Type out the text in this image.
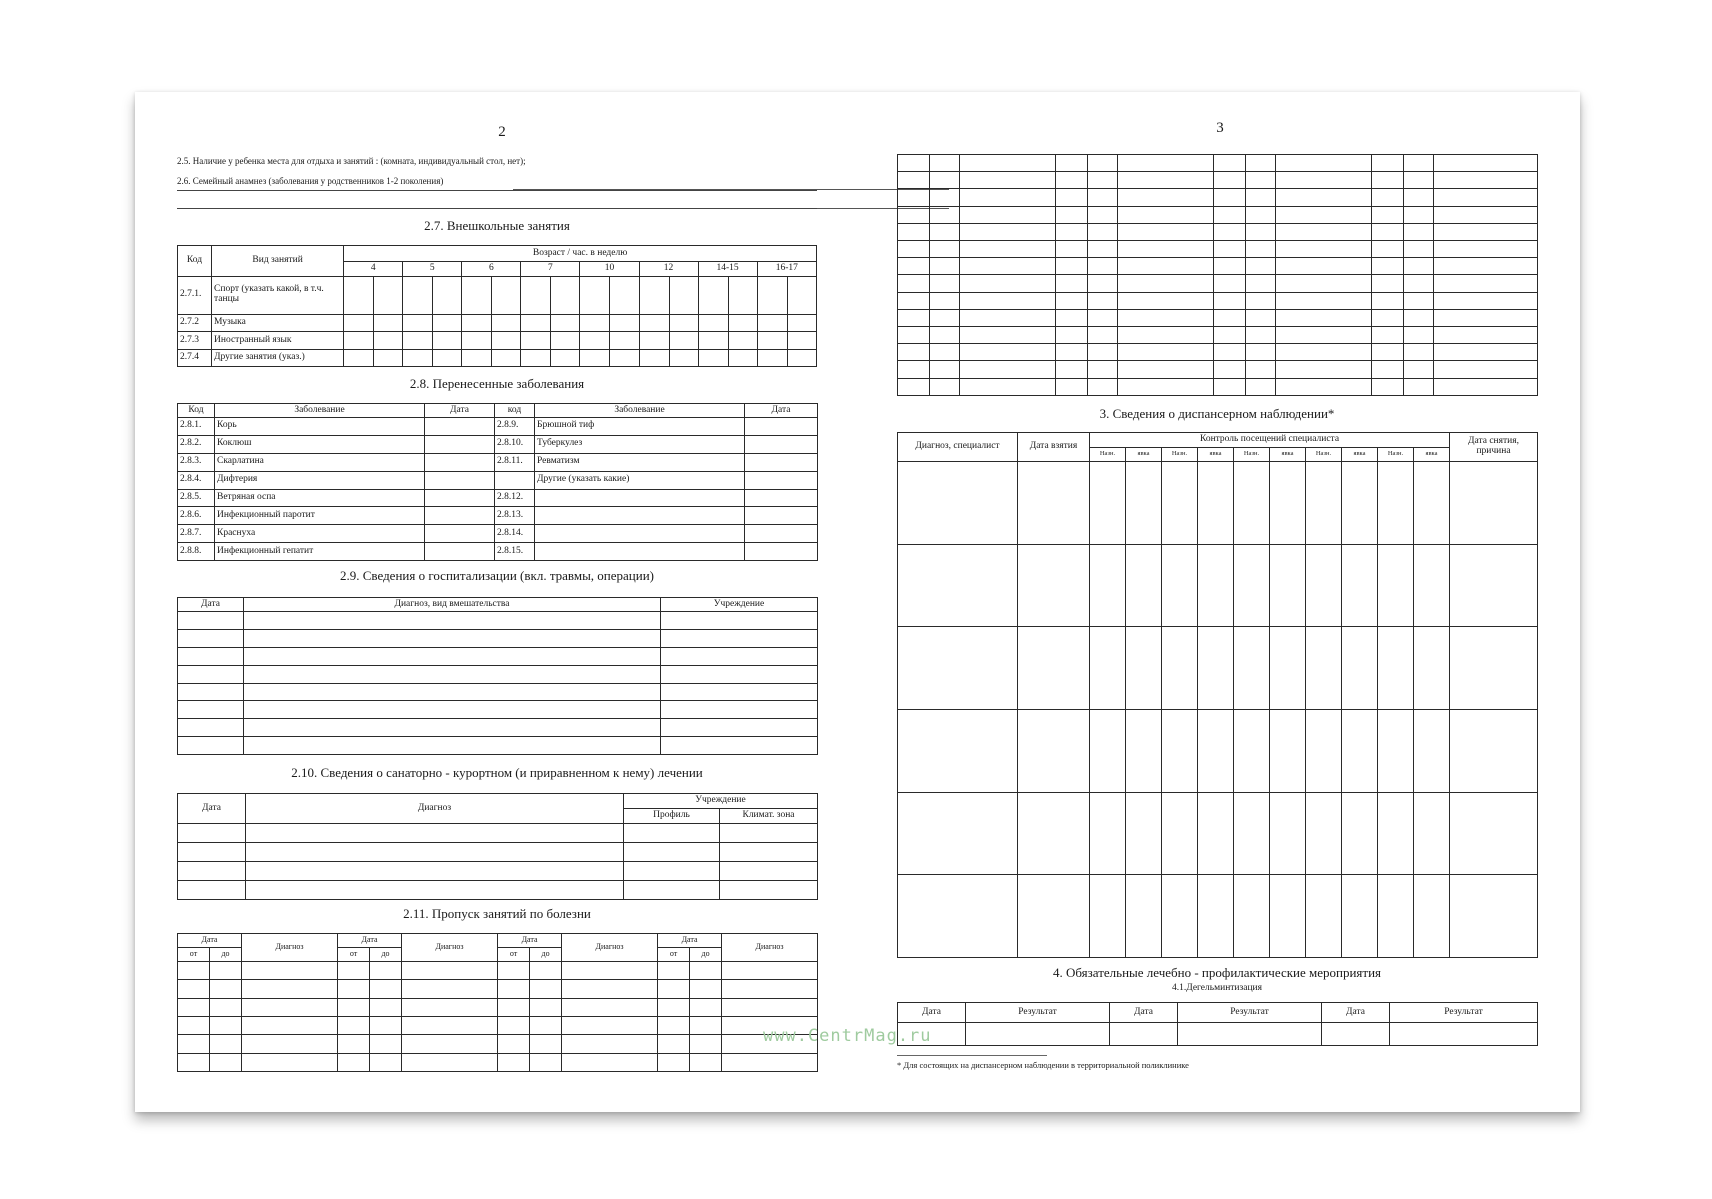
2
2.5. Наличие у ребенка места для отдыха и занятий : (комната, индивидуальный стол, нет);
2.6. Семейный анамнез (заболевания у родственников 1-2 поколения)
2.7. Внешкольные занятия
Код	Вид занятий	Возраст / час. в неделю															
		4		5		6		7		10		12		14-15		16-17	
2.7.1.	Спорт (указать какой, в т.ч. танцы																
2.7.2	Музыка																
2.7.3	Иностранный язык																
2.7.4	Другие занятия (указ.)																
2.8. Перенесенные заболевания
Код	Заболевание	Дата	код	Заболевание	Дата
2.8.1.	Корь		2.8.9.	Брюшной тиф	
2.8.2.	Коклюш		2.8.10.	Туберкулез	
2.8.3.	Скарлатина		2.8.11.	Ревматизм	
2.8.4.	Дифтерия			Другие (указать какие)	
2.8.5.	Ветряная оспа		2.8.12.		
2.8.6.	Инфекционный паротит		2.8.13.		
2.8.7.	Краснуха		2.8.14.		
2.8.8.	Инфекционный гепатит		2.8.15.		
2.9. Сведения о госпитализации (вкл. травмы, операции)
Дата	Диагноз, вид вмешательства	Учреждение

2.10. Сведения о санаторно - курортном (и приравненном к нему) лечении
Дата	Диагноз	Учреждение	
		Профиль	Климат. зона

2.11. Пропуск занятий по болезни
Дата		Диагноз	Дата		Диагноз	Дата		Диагноз	Дата		Диагноз
от	до		от	до		от	до		от	до	

3

3. Сведения о диспансерном наблюдении*
Диагноз, специалист	Дата взятия	Контроль посещений специалиста										Дата снятия, причина
		Назн.	явка	Назн.	явка	Назн.	явка	Назн.	явка	Назн.	явка	

4. Обязательные лечебно - профилактические мероприятия
4.1.Дегельминтизация
Дата	Результат	Дата	Результат	Дата	Результат

* Для состоящих на диспансерном наблюдении в территориальной поликлинике
www.CentrMag.ru
